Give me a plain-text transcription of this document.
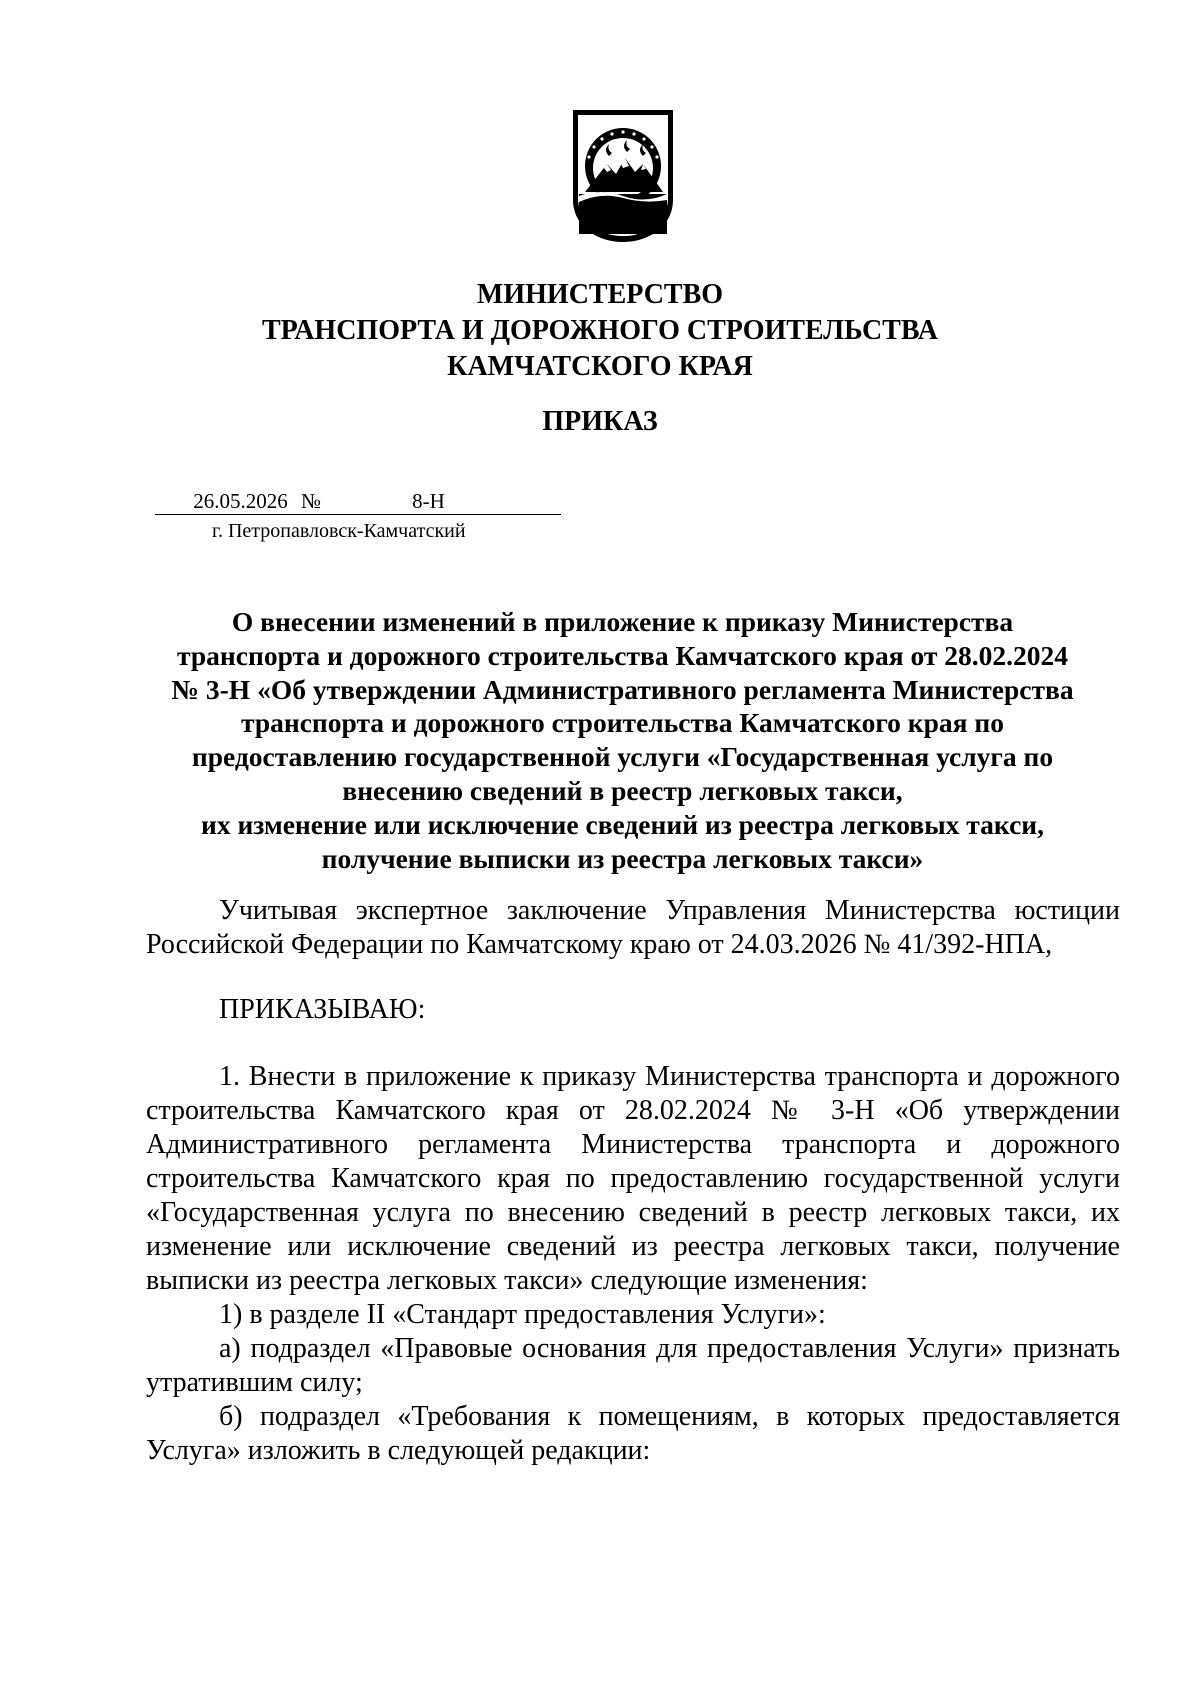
МИНИСТЕРСТВО
ТРАНСПОРТА И ДОРОЖНОГО СТРОИТЕЛЬСТВА
КАМЧАТСКОГО КРАЯ
ПРИКАЗ
26.05.2026 №	8-Н
г. Петропавловск-Камчатский
О внесении изменений в приложение к приказу Министерства
транспорта и дорожного строительства Камчатского края от 28.02.2024
№ 3-Н «Об утверждении Административного регламента Министерства
транспорта и дорожного строительства Камчатского края по
предоставлению государственной услуги «Государственная услуга по
внесению сведений в реестр легковых такси,
их изменение или исключение сведений из реестра легковых такси,
получение выписки из реестра легковых такси»

Учитывая экспертное заключение Управления Министерства юстиции Российской Федерации по Камчатскому краю от 24.03.2026 № 41/392-НПА,

ПРИКАЗЫВАЮ:

1. Внести в приложение к приказу Министерства транспорта и дорожного строительства Камчатского края от 28.02.2024 № 3-Н «Об утверждении Административного регламента Министерства транспорта и дорожного строительства Камчатского края по предоставлению государственной услуги «Государственная услуга по внесению сведений в реестр легковых такси, их изменение или исключение сведений из реестра легковых такси, получение выписки из реестра легковых такси» следующие изменения:

1) в разделе II «Стандарт предоставления Услуги»:

а) подраздел «Правовые основания для предоставления Услуги» признать утратившим силу;

б) подраздел «Требования к помещениям, в которых предоставляется Услуга» изложить в следующей редакции:
